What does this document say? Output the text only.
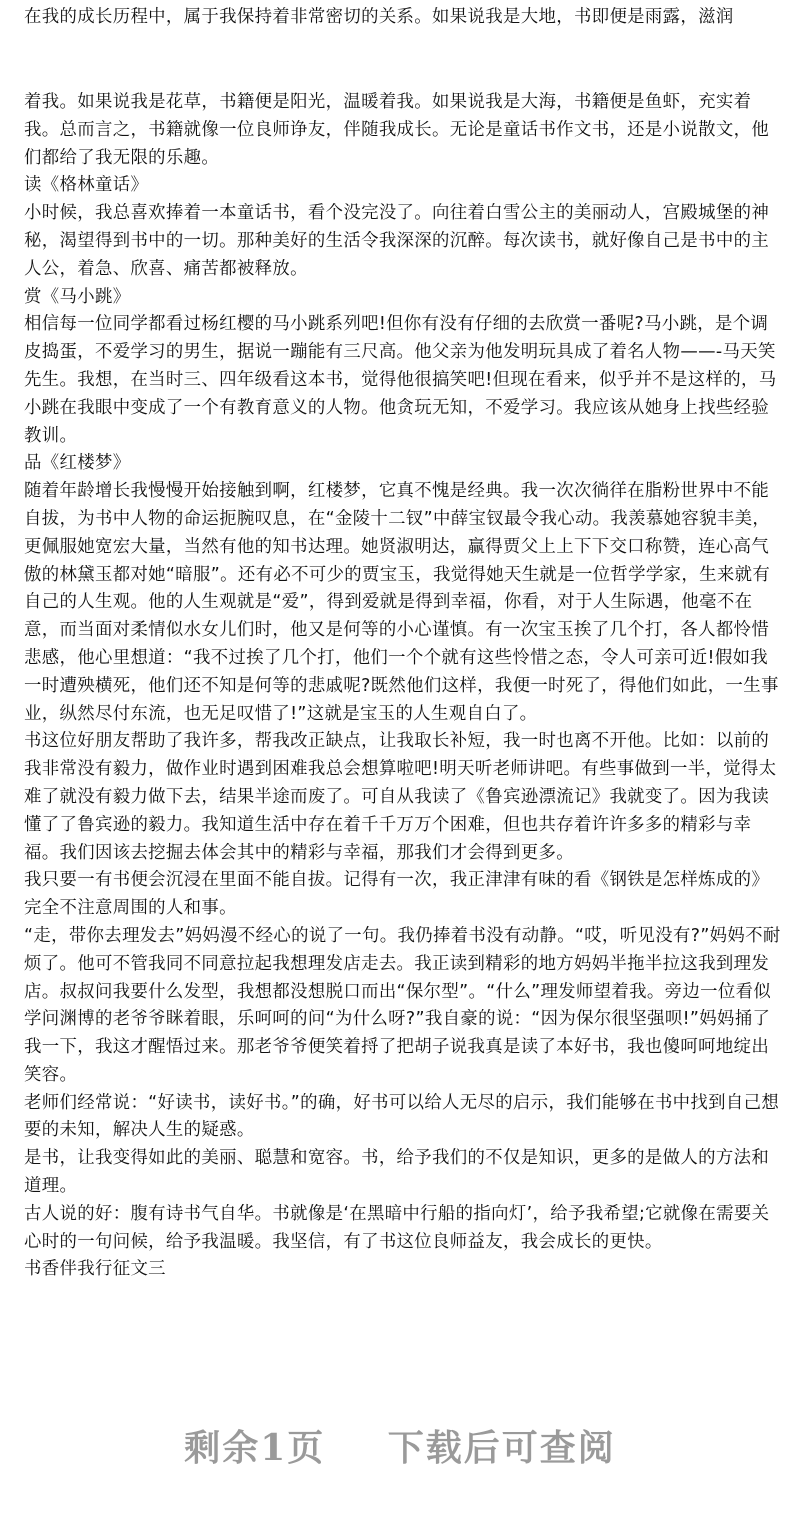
在我的成长历程中，属于我保持着非常密切的关系。如果说我是大地，书即便是雨露，滋润

着我。如果说我是花草，书籍便是阳光，温暖着我。如果说我是大海，书籍便是鱼虾，充实着我。总而言之，书籍就像一位良师诤友，伴随我成长。无论是童话书作文书，还是小说散文，他们都给了我无限的乐趣。

读《格林童话》

小时候，我总喜欢捧着一本童话书，看个没完没了。向往着白雪公主的美丽动人，宫殿城堡的神秘，渴望得到书中的一切。那种美好的生活令我深深的沉醉。每次读书，就好像自己是书中的主人公，着急、欣喜、痛苦都被释放。

赏《马小跳》

相信每一位同学都看过杨红樱的马小跳系列吧!但你有没有仔细的去欣赏一番呢?马小跳，是个调皮捣蛋，不爱学习的男生，据说一蹦能有三尺高。他父亲为他发明玩具成了着名人物——-马天笑先生。我想，在当时三、四年级看这本书，觉得他很搞笑吧!但现在看来，似乎并不是这样的，马小跳在我眼中变成了一个有教育意义的人物。他贪玩无知，不爱学习。我应该从她身上找些经验教训。

品《红楼梦》

随着年龄增长我慢慢开始接触到啊，红楼梦，它真不愧是经典。我一次次徜徉在脂粉世界中不能自拔，为书中人物的命运扼腕叹息，在“金陵十二钗”中薛宝钗最令我心动。我羡慕她容貌丰美，更佩服她宽宏大量，当然有他的知书达理。她贤淑明达，赢得贾父上上下下交口称赞，连心高气傲的林黛玉都对她“暗服”。还有必不可少的贾宝玉，我觉得她天生就是一位哲学学家，生来就有自己的人生观。他的人生观就是“爱”，得到爱就是得到幸福，你看，对于人生际遇，他毫不在意，而当面对柔情似水女儿们时，他又是何等的小心谨慎。有一次宝玉挨了几个打，各人都怜惜悲感，他心里想道：“我不过挨了几个打，他们一个个就有这些怜惜之态，令人可亲可近!假如我一时遭殃横死，他们还不知是何等的悲戚呢?既然他们这样，我便一时死了，得他们如此，一生事业，纵然尽付东流，也无足叹惜了!”这就是宝玉的人生观自白了。

书这位好朋友帮助了我许多，帮我改正缺点，让我取长补短，我一时也离不开他。比如：以前的我非常没有毅力，做作业时遇到困难我总会想算啦吧!明天听老师讲吧。有些事做到一半，觉得太难了就没有毅力做下去，结果半途而废了。可自从我读了《鲁宾逊漂流记》我就变了。因为我读懂了了鲁宾逊的毅力。我知道生活中存在着千千万万个困难，但也共存着许许多多的精彩与幸福。我们因该去挖掘去体会其中的精彩与幸福，那我们才会得到更多。

我只要一有书便会沉浸在里面不能自拔。记得有一次，我正津津有味的看《钢铁是怎样炼成的》完全不注意周围的人和事。

“走，带你去理发去”妈妈漫不经心的说了一句。我仍捧着书没有动静。“哎，听见没有?”妈妈不耐烦了。他可不管我同不同意拉起我想理发店走去。我正读到精彩的地方妈妈半拖半拉这我到理发店。叔叔问我要什么发型，我想都没想脱口而出“保尔型”。“什么”理发师望着我。旁边一位看似学问渊博的老爷爷眯着眼，乐呵呵的问“为什么呀?”我自豪的说：“因为保尔很坚强呗!”妈妈捅了我一下，我这才醒悟过来。那老爷爷便笑着捋了把胡子说我真是读了本好书，我也傻呵呵地绽出笑容。

老师们经常说：“好读书，读好书。”的确，好书可以给人无尽的启示，我们能够在书中找到自己想要的未知，解决人生的疑惑。

是书，让我变得如此的美丽、聪慧和宽容。书，给予我们的不仅是知识，更多的是做人的方法和道理。

古人说的好：腹有诗书气自华。书就像是‘在黑暗中行船的指向灯’，给予我希望;它就像在需要关心时的一句问候，给予我温暖。我坚信，有了书这位良师益友，我会成长的更快。

书香伴我行征文三

剩余1页 下载后可查阅
